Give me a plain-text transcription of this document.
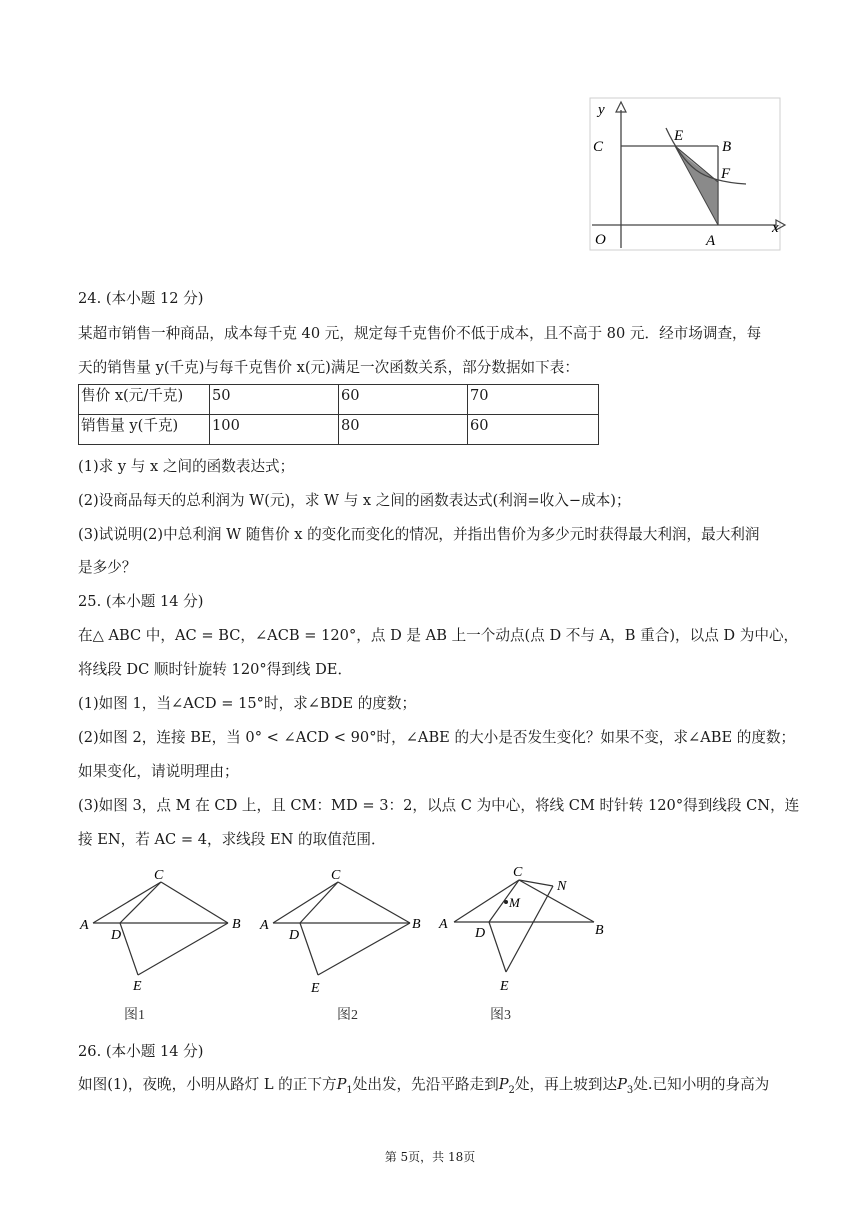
y
x
C	B
E
F
O	A
24. (本小题 12 分)
某超市销售一种商品，成本每千克 40 元，规定每千克售价不低于成本，且不高于 80 元．经市场调查，每
天的销售量 y(千克)与每千克售价 x(元)满足一次函数关系，部分数据如下表：
售价 x(元/千克)	50	60	70
销售量 y(千克)	100	80	60
(1)求 y 与 x 之间的函数表达式；
(2)设商品每天的总利润为 W(元)，求 W 与 x 之间的函数表达式(利润=收入−成本)；
(3)试说明(2)中总利润 W 随售价 x 的变化而变化的情况，并指出售价为多少元时获得最大利润，最大利润
是多少？
25. (本小题 14 分)
在△ ABC 中，AC = BC，∠ACB = 120°，点 D 是 AB 上一个动点(点 D 不与 A，B 重合)，以点 D 为中心，
将线段 DC 顺时针旋转 120°得到线 DE．
(1)如图 1，当∠ACD = 15°时，求∠BDE 的度数；
(2)如图 2，连接 BE，当 0° < ∠ACD < 90°时，∠ABE 的大小是否发生变化？如果不变，求∠ABE 的度数；
如果变化，请说明理由；
(3)如图 3，点 M 在 CD 上，且 CM：MD = 3：2，以点 C 为中心，将线 CM 时针转 120°得到线段 CN，连
接 EN，若 AC = 4，求线段 EN 的取值范围．
A
C
B
D
E
图1
A
C
B
D
E
图2
A
C
N
M
B
D
E
图3
26. (本小题 14 分)
如图(1)，夜晚，小明从路灯 L 的正下方$P_1$处出发，先沿平路走到$P_2$处，再上坡到达$P_3$处.已知小明的身高为
第 5页，共 18页
